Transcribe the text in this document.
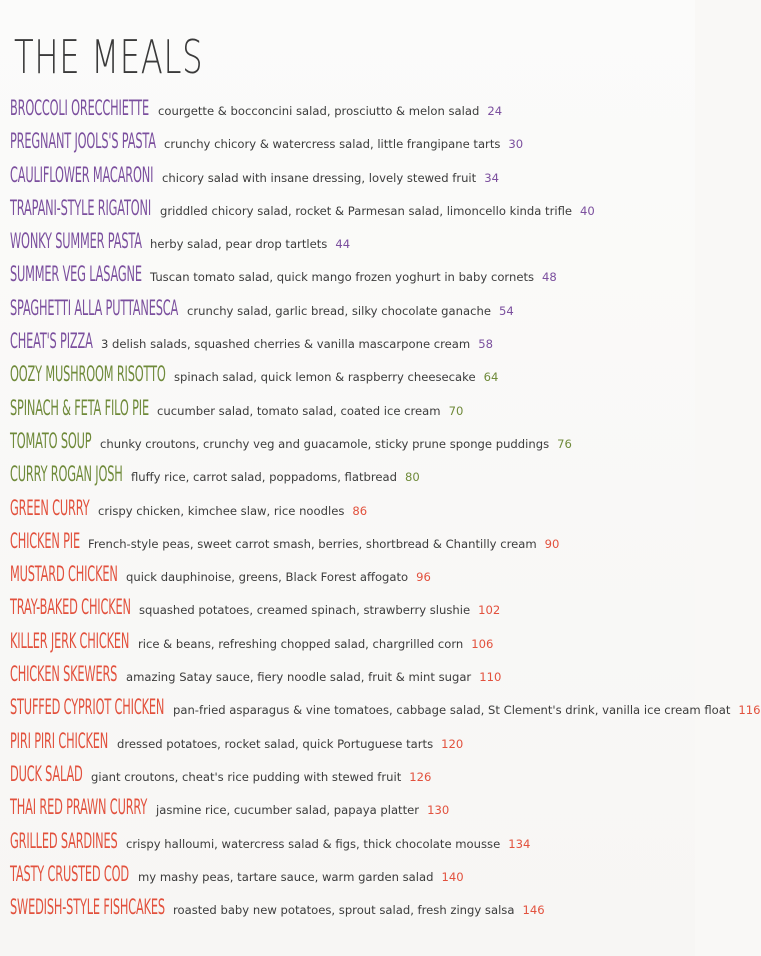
THE MEALS
BROCCOLI ORECCHIETTE courgette & bocconcini salad, prosciutto & melon salad 24
PREGNANT JOOLS'S PASTA crunchy chicory & watercress salad, little frangipane tarts 30
CAULIFLOWER MACARONI chicory salad with insane dressing, lovely stewed fruit 34
TRAPANI-STYLE RIGATONI griddled chicory salad, rocket & Parmesan salad, limoncello kinda trifle 40
WONKY SUMMER PASTA herby salad, pear drop tartlets 44
SUMMER VEG LASAGNE Tuscan tomato salad, quick mango frozen yoghurt in baby cornets 48
SPAGHETTI ALLA PUTTANESCA crunchy salad, garlic bread, silky chocolate ganache 54
CHEAT'S PIZZA 3 delish salads, squashed cherries & vanilla mascarpone cream 58
OOZY MUSHROOM RISOTTO spinach salad, quick lemon & raspberry cheesecake 64
SPINACH & FETA FILO PIE cucumber salad, tomato salad, coated ice cream 70
TOMATO SOUP chunky croutons, crunchy veg and guacamole, sticky prune sponge puddings 76
CURRY ROGAN JOSH fluffy rice, carrot salad, poppadoms, flatbread 80
GREEN CURRY crispy chicken, kimchee slaw, rice noodles 86
CHICKEN PIE French-style peas, sweet carrot smash, berries, shortbread & Chantilly cream 90
MUSTARD CHICKEN quick dauphinoise, greens, Black Forest affogato 96
TRAY-BAKED CHICKEN squashed potatoes, creamed spinach, strawberry slushie 102
KILLER JERK CHICKEN rice & beans, refreshing chopped salad, chargrilled corn 106
CHICKEN SKEWERS amazing Satay sauce, fiery noodle salad, fruit & mint sugar 110
STUFFED CYPRIOT CHICKEN pan-fried asparagus & vine tomatoes, cabbage salad, St Clement's drink, vanilla ice cream float 116
PIRI PIRI CHICKEN dressed potatoes, rocket salad, quick Portuguese tarts 120
DUCK SALAD giant croutons, cheat's rice pudding with stewed fruit 126
THAI RED PRAWN CURRY jasmine rice, cucumber salad, papaya platter 130
GRILLED SARDINES crispy halloumi, watercress salad & figs, thick chocolate mousse 134
TASTY CRUSTED COD my mashy peas, tartare sauce, warm garden salad 140
SWEDISH-STYLE FISHCAKES roasted baby new potatoes, sprout salad, fresh zingy salsa 146
